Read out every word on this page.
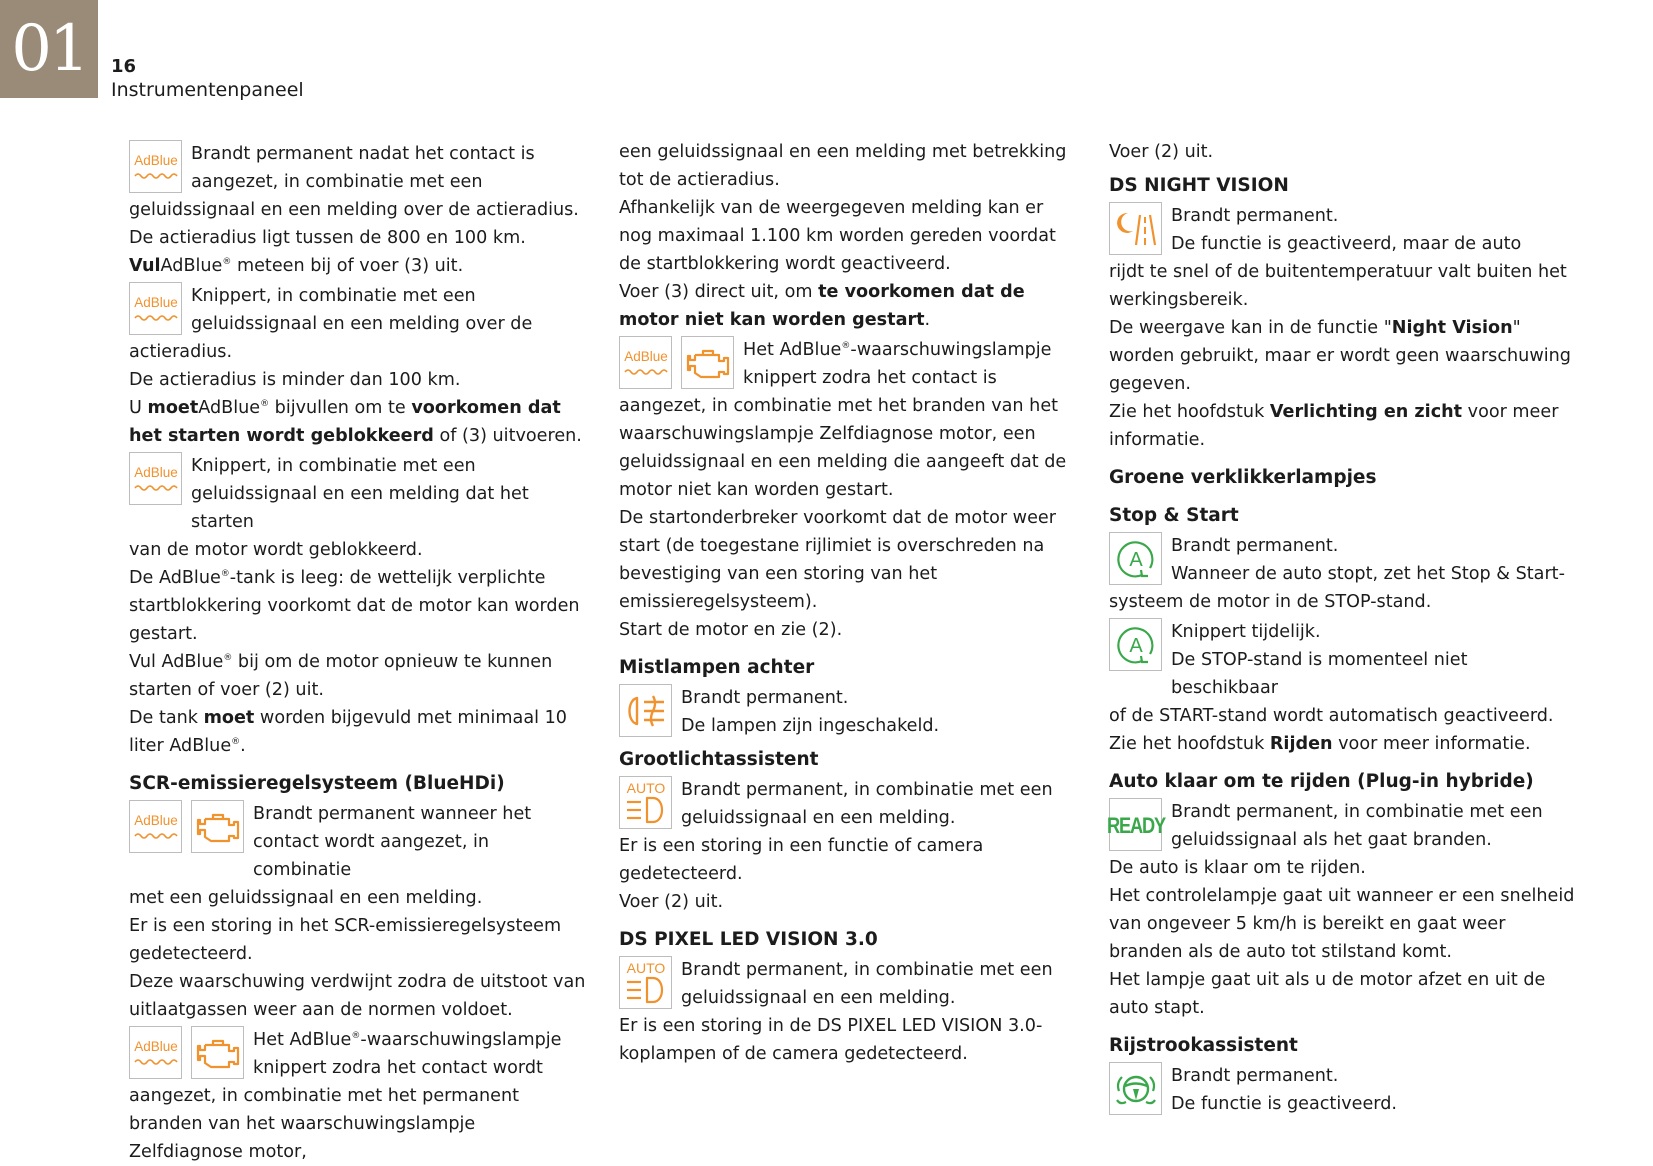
01	16
Instrumentenpaneel
AdBlue Brandt permanent nadat het contact is

aangezet, in combinatie met een

geluidssignaal en een melding over de actieradius.

De actieradius ligt tussen de 800 en 100 km.

VulAdBlue® meteen bij of voer (3) uit.

AdBlue Knippert, in combinatie met een

geluidssignaal en een melding over de

actieradius.

De actieradius is minder dan 100 km.

U moetAdBlue® bijvullen om te voorkomen dat het starten wordt geblokkeerd of (3) uitvoeren.

AdBlue Knippert, in combinatie met een

geluidssignaal en een melding dat het starten

van de motor wordt geblokkeerd.

De AdBlue®-tank is leeg: de wettelijk verplichte startblokkering voorkomt dat de motor kan worden gestart.

Vul AdBlue® bij om de motor opnieuw te kunnen starten of voer (2) uit.

De tank moet worden bijgevuld met minimaal 10 liter AdBlue®.

SCR-emissieregelsysteem (BlueHDi)
AdBlue	Brandt permanent wanneer het

contact wordt aangezet, in combinatie

met een geluidssignaal en een melding.

Er is een storing in het SCR-emissieregelsysteem gedetecteerd.

Deze waarschuwing verdwijnt zodra de uitstoot van uitlaatgassen weer aan de normen voldoet.

AdBlue	Het AdBlue®-waarschuwingslampje

knippert zodra het contact wordt

aangezet, in combinatie met het permanent branden van het waarschuwingslampje Zelfdiagnose motor,

een geluidssignaal en een melding met betrekking tot de actieradius.

Afhankelijk van de weergegeven melding kan er nog maximaal 1.100 km worden gereden voordat de startblokkering wordt geactiveerd.

Voer (3) direct uit, om te voorkomen dat de motor niet kan worden gestart.

AdBlue	Het AdBlue®-waarschuwingslampje

knippert zodra het contact is

aangezet, in combinatie met het branden van het waarschuwingslampje Zelfdiagnose motor, een geluidssignaal en een melding die aangeeft dat de motor niet kan worden gestart.

De startonderbreker voorkomt dat de motor weer start (de toegestane rijlimiet is overschreden na bevestiging van een storing van het emissieregelsysteem).

Start de motor en zie (2).

Mistlampen achter

Brandt permanent.

De lampen zijn ingeschakeld.

Grootlichtassistent
AUTO Brandt permanent, in combinatie met een

geluidssignaal en een melding.

Er is een storing in een functie of camera gedetecteerd.

Voer (2) uit.

DS PIXEL LED VISION 3.0
AUTO Brandt permanent, in combinatie met een

geluidssignaal en een melding.

Er is een storing in de DS PIXEL LED VISION 3.0-koplampen of de camera gedetecteerd.

Voer (2) uit.

DS NIGHT VISION

Brandt permanent.

De functie is geactiveerd, maar de auto

rijdt te snel of de buitentemperatuur valt buiten het werkingsbereik.

De weergave kan in de functie "Night Vision" worden gebruikt, maar er wordt geen waarschuwing gegeven.

Zie het hoofdstuk Verlichting en zicht voor meer informatie.

Groene verklikkerlampjes
Stop & Start
A

Brandt permanent.

Wanneer de auto stopt, zet het Stop & Start-

systeem de motor in de STOP-stand.

A

Knippert tijdelijk.

De STOP-stand is momenteel niet beschikbaar

of de START-stand wordt automatisch geactiveerd.

Zie het hoofdstuk Rijden voor meer informatie.

Auto klaar om te rijden (Plug-in hybride)
READY

Brandt permanent, in combinatie met een

geluidssignaal als het gaat branden.

De auto is klaar om te rijden.

Het controlelampje gaat uit wanneer er een snelheid van ongeveer 5 km/h is bereikt en gaat weer branden als de auto tot stilstand komt.

Het lampje gaat uit als u de motor afzet en uit de auto stapt.

Rijstrookassistent

Brandt permanent.

De functie is geactiveerd.
